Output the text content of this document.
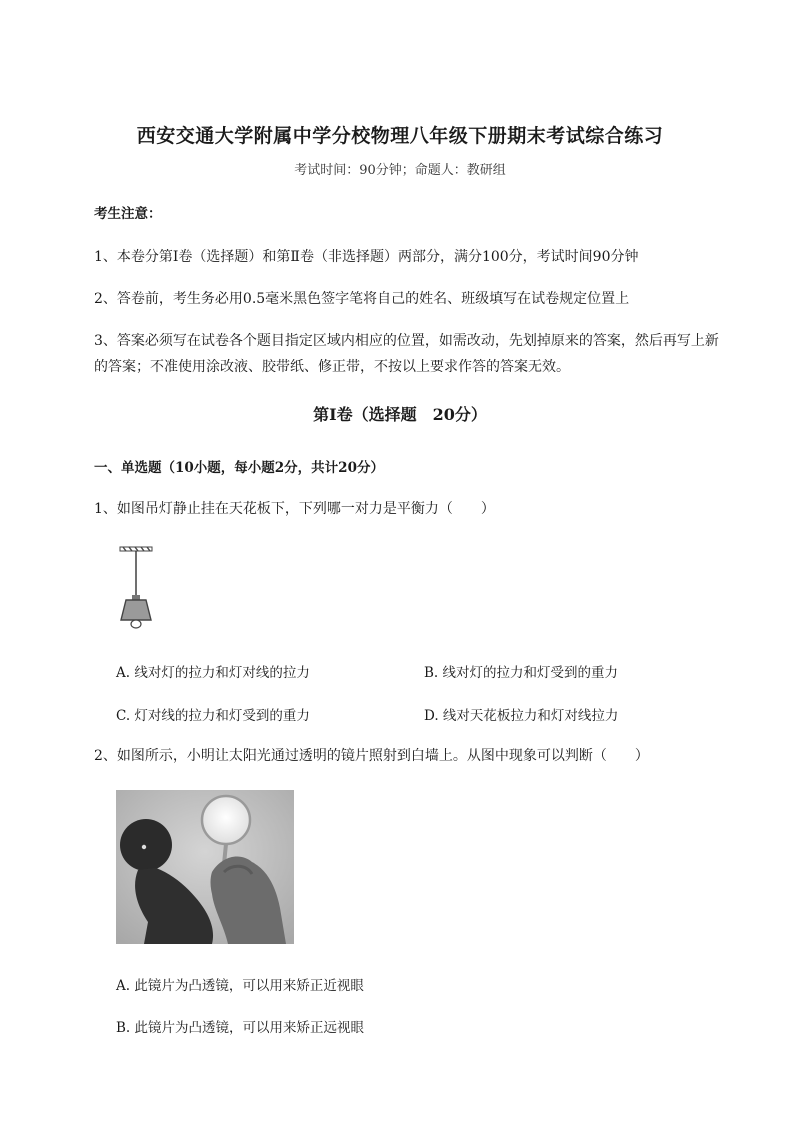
西安交通大学附属中学分校物理八年级下册期末考试综合练习
考试时间：90分钟；命题人：教研组
考生注意：
1、本卷分第Ⅰ卷（选择题）和第Ⅱ卷（非选择题）两部分，满分100分，考试时间90分钟
2、答卷前，考生务必用0.5毫米黑色签字笔将自己的姓名、班级填写在试卷规定位置上
3、答案必须写在试卷各个题目指定区域内相应的位置，如需改动，先划掉原来的答案，然后再写上新
的答案；不准使用涂改液、胶带纸、修正带，不按以上要求作答的答案无效。
第Ⅰ卷（选择题　20分）
一、单选题（10小题，每小题2分，共计20分）
1、如图吊灯静止挂在天花板下，下列哪一对力是平衡力（　　）
A. 线对灯的拉力和灯对线的拉力	B. 线对灯的拉力和灯受到的重力
C. 灯对线的拉力和灯受到的重力	D. 线对天花板拉力和灯对线拉力
2、如图所示，小明让太阳光通过透明的镜片照射到白墙上。从图中现象可以判断（　　）
A. 此镜片为凸透镜，可以用来矫正近视眼
B. 此镜片为凸透镜，可以用来矫正远视眼
